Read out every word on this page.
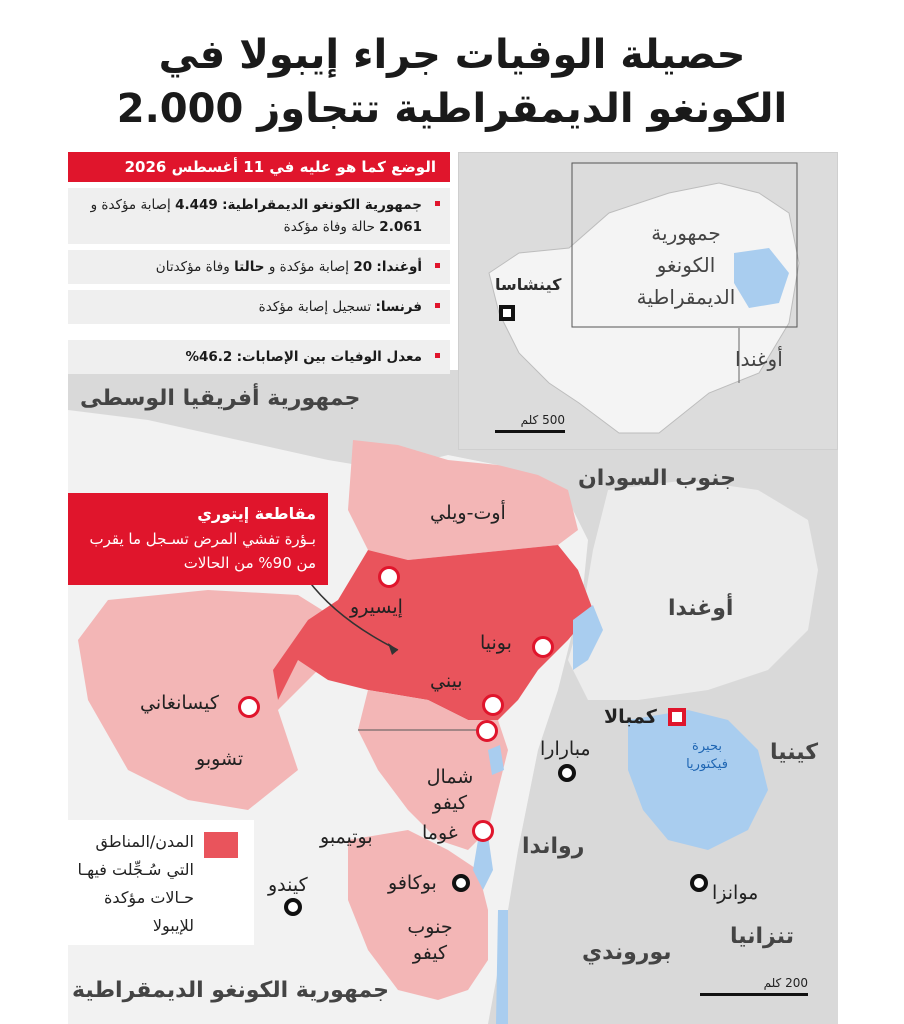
حصيلة الوفيات جراء إيبولا في
الكونغو الديمقراطية تتجاوز 2.000
جمهورية أفريقيا الوسطى
جنوب السودان
أوغندا
كينيا
رواندا
بوروندي
تنزانيا
جمهورية الكونغو الديمقراطية
أوت-ويلي
تشوبو
شمال كيفو
جنوب كيفو
إيسيرو
بونيا
بيني
كيسانغاني
غوما
بوتيمبو
بوكافو
كيندو
مبارارا
كمبالا
موانزا
بحيرة فيكتوريا
200 كلم
جمهورية الكونغو الديمقراطية
كينشاسا
أوغندا
500 كلم
الوضع كما هو عليه في 11 أغسطس 2026
جمهورية الكونغو الديمقراطية: 4.449 إصابة مؤكدة و 2.061 حالة وفاة مؤكدة
أوغندا: 20 إصابة مؤكدة و حالتا وفاة مؤكدتان
فرنسا: تسجيل إصابة مؤكدة
معدل الوفيات بين الإصابات: 46.2%
مقاطعة إيتوري
بـؤرة تفشي المرض تسـجل ما يقرب من 90% من الحالات
المدن/المناطق التي سُـجِّلت فيهـا حـالات مؤكدة للإيبولا
